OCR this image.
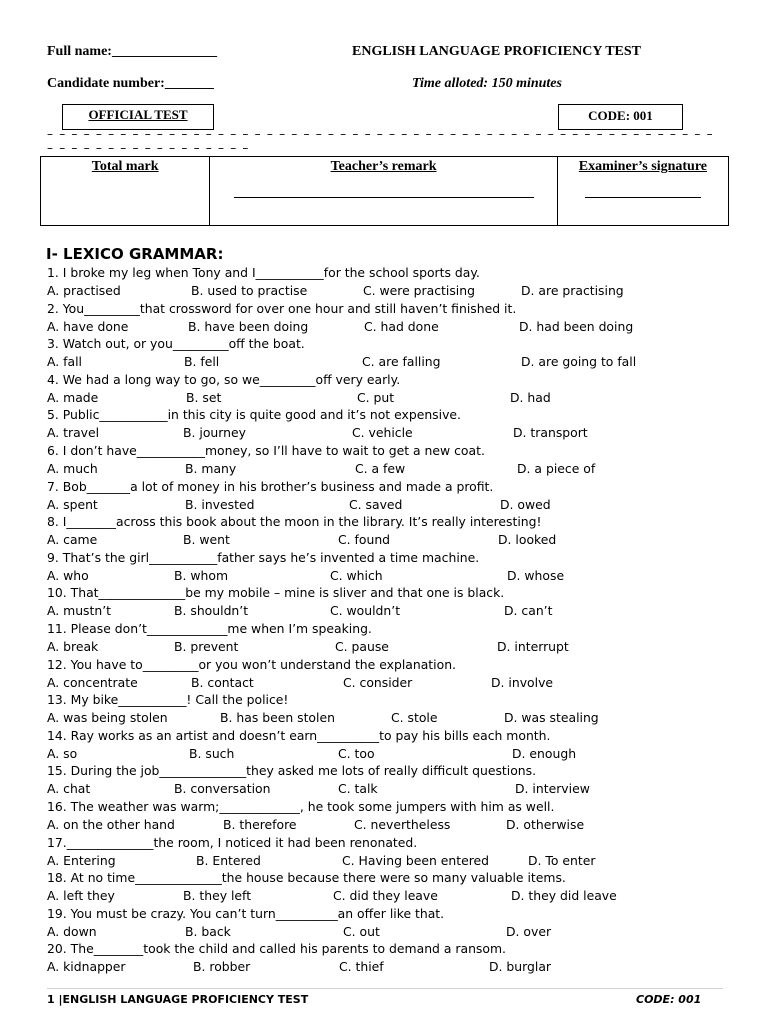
Full name:_______________	ENGLISH LANGUAGE PROFICIENCY TEST
Candidate number:_______	Time alloted: 150 minutes
OFFICIAL TEST	CODE: 001
– – – – – – – – – – – – – – – – – – – – – – – – – – – – – – – – – – – – – – – – – – – – – – – – – – – – – – – – – – – – – – – – – – – – – – – –
Total mark	Teacher’s remark	Examiner’s signature
I- LEXICO GRAMMAR:
1. I broke my leg when Tony and I___________for the school sports day.
A. practised	B. used to practise	C. were practising	D. are practising
2. You_________that crossword for over one hour and still haven’t finished it.
A. have done	B. have been doing	C. had done	D. had been doing
3. Watch out, or you_________off the boat.
A. fall	B. fell	C. are falling	D. are going to fall
4. We had a long way to go, so we_________off very early.
A. made	B. set	C. put	D. had
5. Public___________in this city is quite good and it’s not expensive.
A. travel	B. journey	C. vehicle	D. transport
6. I don’t have___________money, so I’ll have to wait to get a new coat.
A. much	B. many	C. a few	D. a piece of
7. Bob_______a lot of money in his brother’s business and made a profit.
A. spent	B. invested	C. saved	D. owed
8. I________across this book about the moon in the library. It’s really interesting!
A. came	B. went	C. found	D. looked
9. That’s the girl___________father says he’s invented a time machine.
A. who	B. whom	C. which	D. whose
10. That______________be my mobile – mine is sliver and that one is black.
A. mustn’t	B. shouldn’t	C. wouldn’t	D. can’t
11. Please don’t_____________me when I’m speaking.
A. break	B. prevent	C. pause	D. interrupt
12. You have to_________or you won’t understand the explanation.
A. concentrate	B. contact	C. consider	D. involve
13. My bike___________! Call the police!
A. was being stolen	B. has been stolen	C. stole	D. was stealing
14. Ray works as an artist and doesn’t earn__________to pay his bills each month.
A. so	B. such	C. too	D. enough
15. During the job______________they asked me lots of really difficult questions.
A. chat	B. conversation	C. talk	D. interview
16. The weather was warm;_____________, he took some jumpers with him as well.
A. on the other hand	B. therefore	C. nevertheless	D. otherwise
17.______________the room, I noticed it had been renonated.
A. Entering	B. Entered	C. Having been entered	D. To enter
18. At no time______________the house because there were so many valuable items.
A. left they	B. they left	C. did they leave	D. they did leave
19. You must be crazy. You can’t turn__________an offer like that.
A. down	B. back	C. out	D. over
20. The________took the child and called his parents to demand a ransom.
A. kidnapper	B. robber	C. thief	D. burglar
1 |ENGLISH LANGUAGE PROFICIENCY TEST	CODE: 001
